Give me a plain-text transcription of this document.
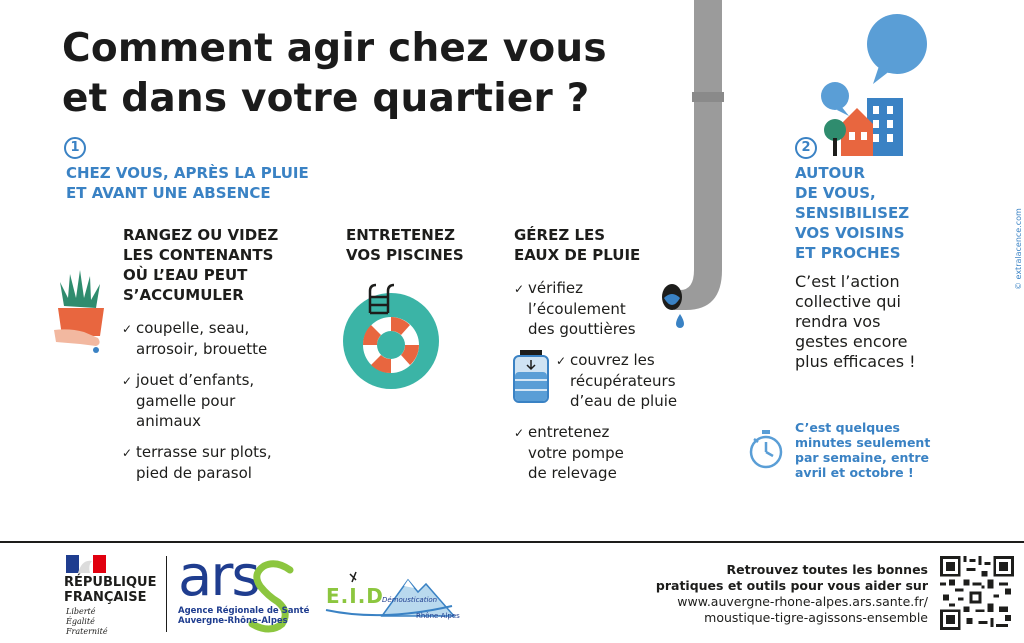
Comment agir chez vous
et dans votre quartier ?
1
CHEZ VOUS, APRÈS LA PLUIE
ET AVANT UNE ABSENCE
RANGEZ OU VIDEZ
LES CONTENANTS
OÙ L’EAU PEUT
S’ACCUMULER
✓ coupelle, seau,
arrosoir, brouette
✓ jouet d’enfants,
gamelle pour
animaux
✓ terrasse sur plots,
pied de parasol
ENTRETENEZ
VOS PISCINES
GÉREZ LES
EAUX DE PLUIE
✓ vérifiez
l’écoulement
des gouttières
✓ couvrez les
récupérateurs
d’eau de pluie
✓ entretenez
votre pompe
de relevage
2
AUTOUR
DE VOUS,
SENSIBILISEZ
VOS VOISINS
ET PROCHES
C’est l’action
collective qui
rendra vos
gestes encore
plus efficaces !
C’est quelques
minutes seulement
par semaine, entre
avril et octobre !
© extralacence.com
RÉPUBLIQUE
FRANÇAISE
Liberté
Égalité
Fraternité
ars
Agence Régionale de Santé
Auvergne-Rhône-Alpes
E.I.D
Démoustication
Rhône-Alpes
Retrouvez toutes les bonnes
pratiques et outils pour vous aider sur
www.auvergne-rhone-alpes.ars.sante.fr/
moustique-tigre-agissons-ensemble
